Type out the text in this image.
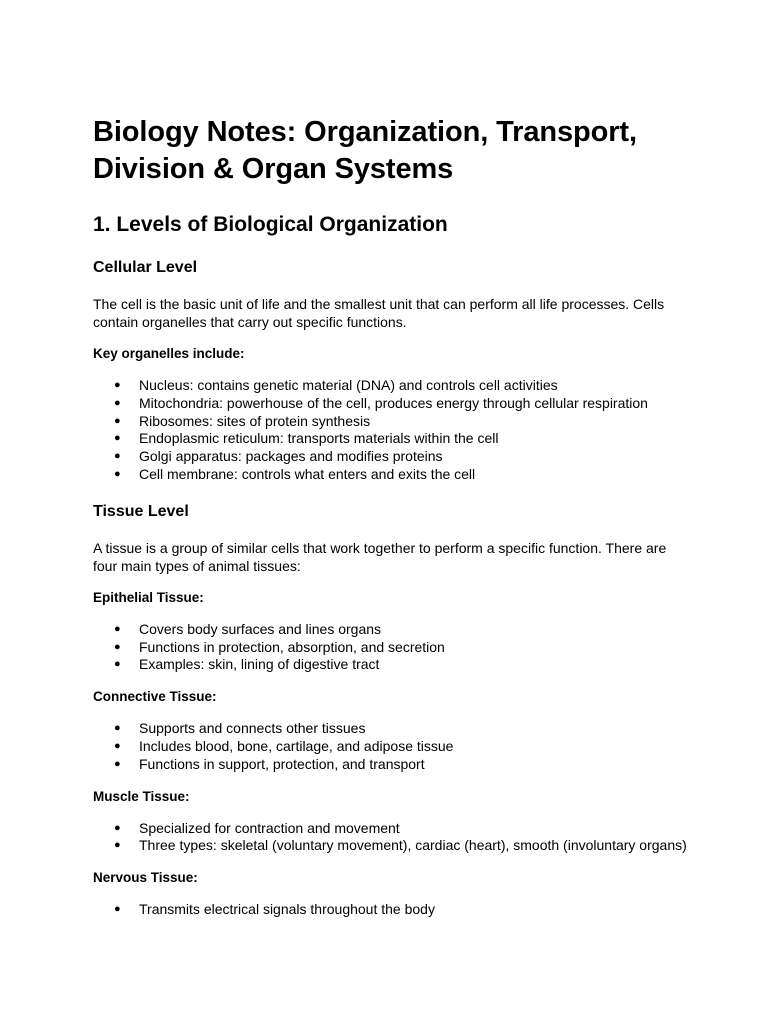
Biology Notes: Organization, Transport, Division & Organ Systems
1. Levels of Biological Organization
Cellular Level

The cell is the basic unit of life and the smallest unit that can perform all life processes. Cells contain organelles that carry out specific functions.

Key organelles include:

● Nucleus: contains genetic material (DNA) and controls cell activities
● Mitochondria: powerhouse of the cell, produces energy through cellular respiration
● Ribosomes: sites of protein synthesis
● Endoplasmic reticulum: transports materials within the cell
● Golgi apparatus: packages and modifies proteins
● Cell membrane: controls what enters and exits the cell
Tissue Level

A tissue is a group of similar cells that work together to perform a specific function. There are four main types of animal tissues:

Epithelial Tissue:

● Covers body surfaces and lines organs
● Functions in protection, absorption, and secretion
● Examples: skin, lining of digestive tract

Connective Tissue:

● Supports and connects other tissues
● Includes blood, bone, cartilage, and adipose tissue
● Functions in support, protection, and transport

Muscle Tissue:

● Specialized for contraction and movement
● Three types: skeletal (voluntary movement), cardiac (heart), smooth (involuntary organs)

Nervous Tissue:

● Transmits electrical signals throughout the body
